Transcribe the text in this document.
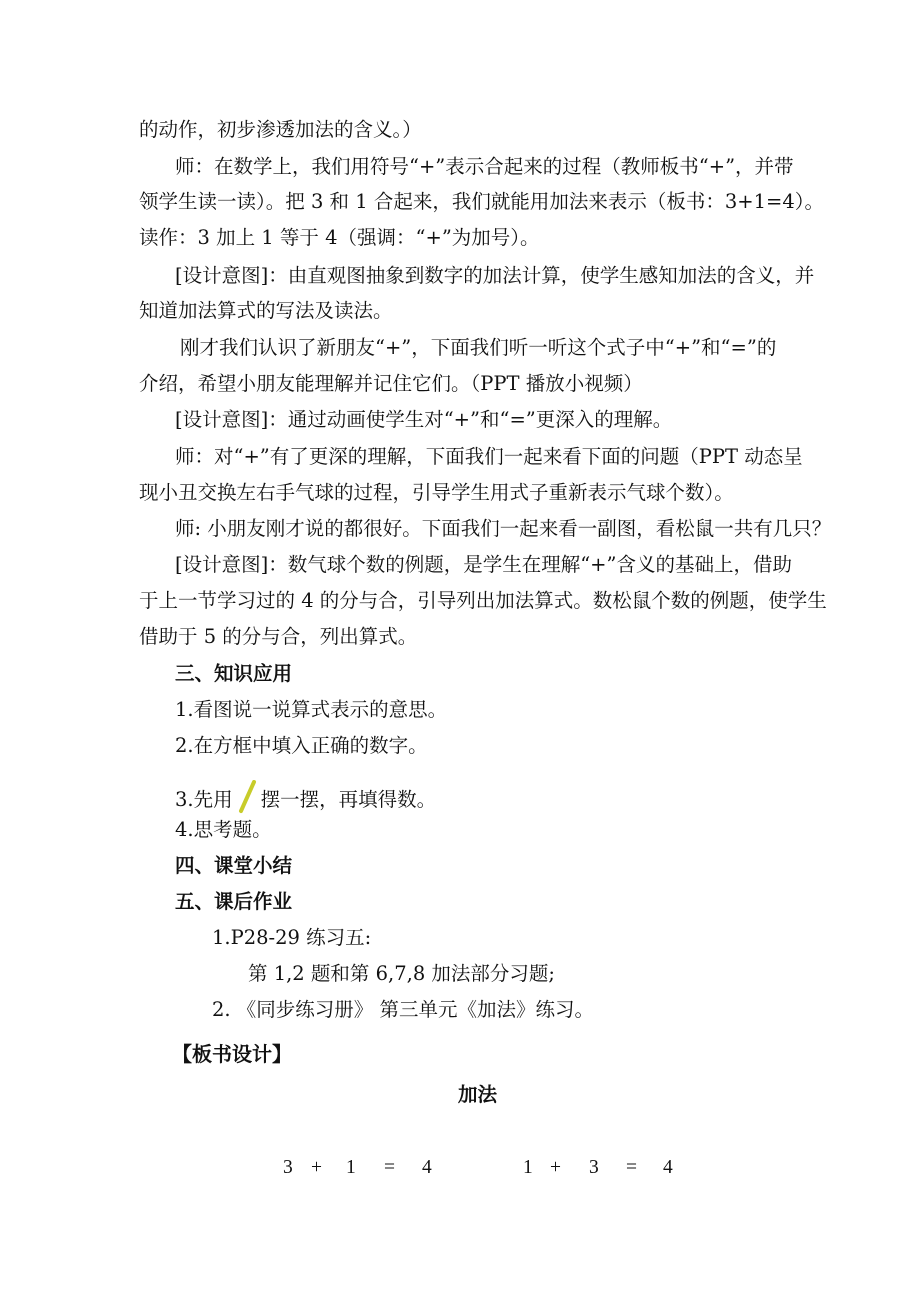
的动作，初步渗透加法的含义。）
师：在数学上，我们用符号“+”表示合起来的过程（教师板书“+”，并带
领学生读一读）。把 3 和 1 合起来，我们就能用加法来表示（板书：3+1=4）。
读作：3 加上 1 等于 4（强调：“+”为加号）。
[设计意图]：由直观图抽象到数字的加法计算，使学生感知加法的含义，并
知道加法算式的写法及读法。
刚才我们认识了新朋友“+”，下面我们听一听这个式子中“+”和“=”的
介绍，希望小朋友能理解并记住它们。（PPT 播放小视频）
[设计意图]：通过动画使学生对“+”和“=”更深入的理解。
师：对“+”有了更深的理解，下面我们一起来看下面的问题（PPT 动态呈
现小丑交换左右手气球的过程，引导学生用式子重新表示气球个数）。
师: 小朋友刚才说的都很好。下面我们一起来看一副图，看松鼠一共有几只？
[设计意图]：数气球个数的例题，是学生在理解“+”含义的基础上，借助
于上一节学习过的 4 的分与合，引导列出加法算式。数松鼠个数的例题，使学生
借助于 5 的分与合，列出算式。
三、知识应用
1.看图说一说算式表示的意思。
2.在方框中填入正确的数字。
3.先用 摆一摆，再填得数。
4.思考题。
四、课堂小结
五、课后作业
1.P28-29 练习五:
第 1,2 题和第 6,7,8 加法部分习题;
2. 《同步练习册》 第三单元《加法》练习。
【板书设计】
加法
3 + 1 = 4	1 + 3 = 4
